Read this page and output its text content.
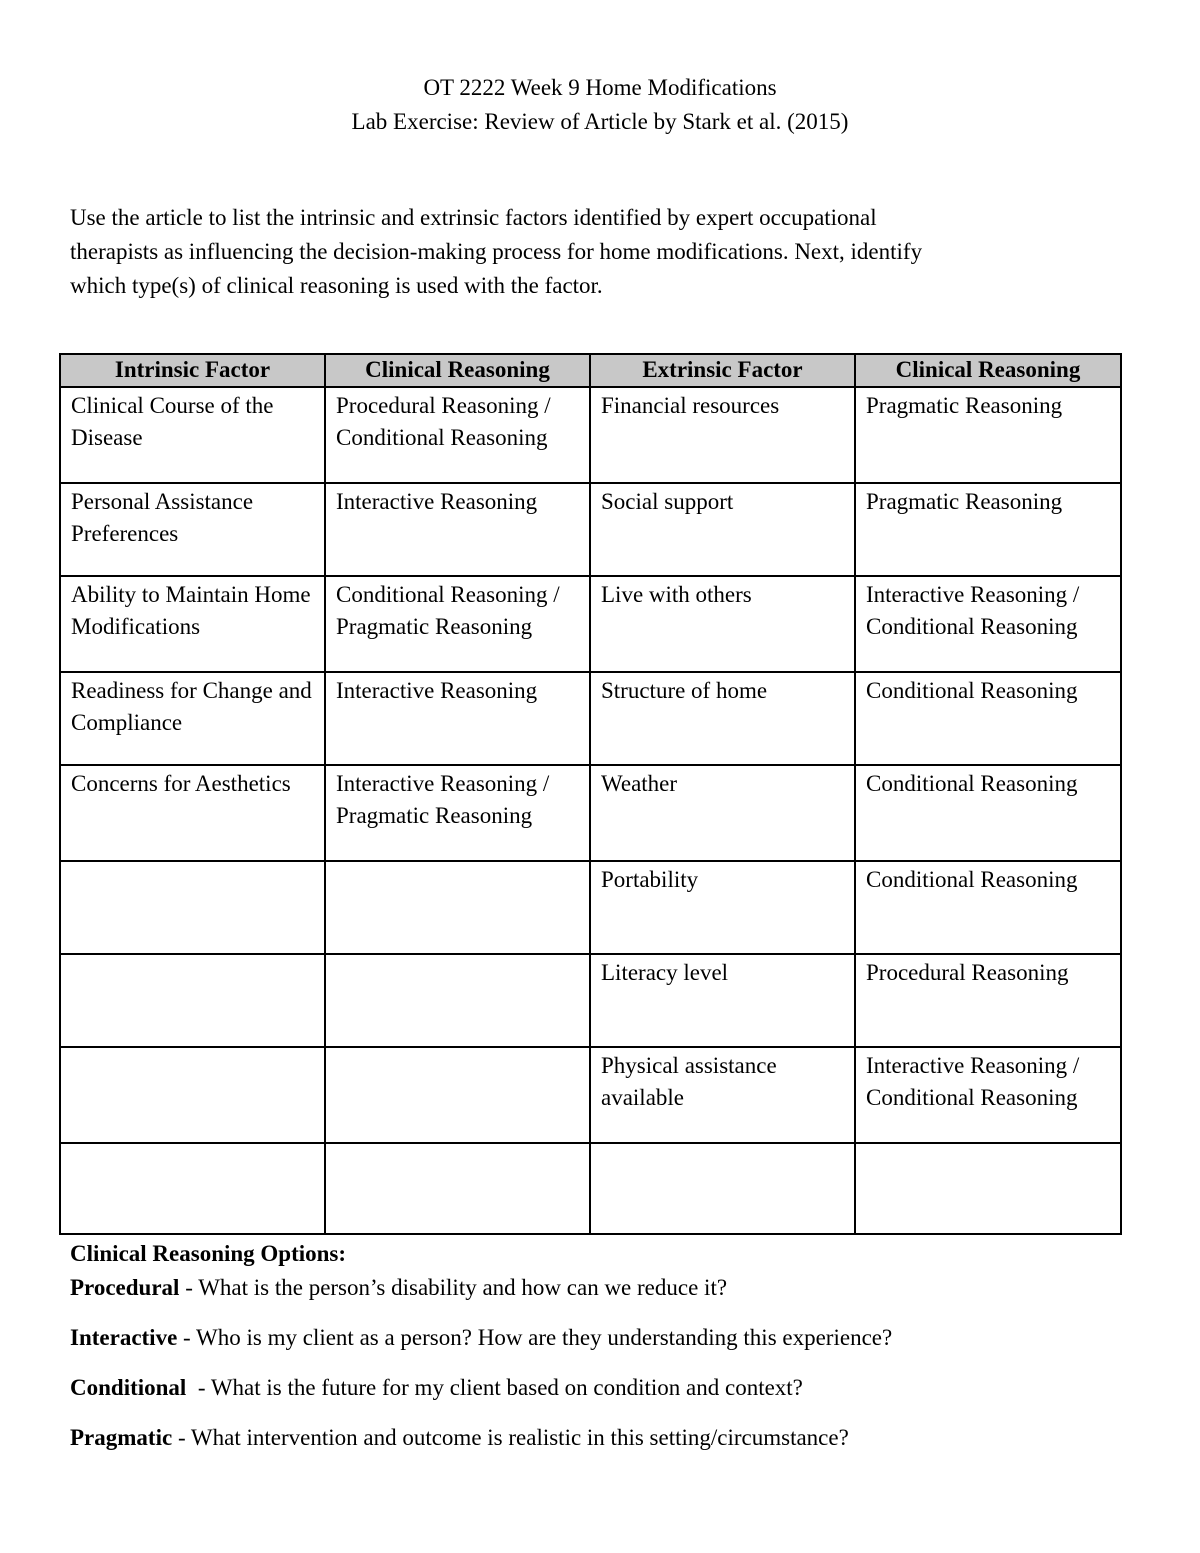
OT 2222 Week 9 Home Modifications
Lab Exercise: Review of Article by Stark et al. (2015)

Use the article to list the intrinsic and extrinsic factors identified by expert occupational

therapists as influencing the decision-making process for home modifications. Next, identify

which type(s) of clinical reasoning is used with the factor.

Intrinsic Factor	Clinical Reasoning	Extrinsic Factor	Clinical Reasoning
Clinical Course of the Disease	Procedural Reasoning / Conditional Reasoning	Financial resources	Pragmatic Reasoning
Personal Assistance Preferences	Interactive Reasoning	Social support	Pragmatic Reasoning
Ability to Maintain Home Modifications	Conditional Reasoning / Pragmatic Reasoning	Live with others	Interactive Reasoning / Conditional Reasoning
Readiness for Change and Compliance	Interactive Reasoning	Structure of home	Conditional Reasoning
Concerns for Aesthetics	Interactive Reasoning / Pragmatic Reasoning	Weather	Conditional Reasoning
		Portability	Conditional Reasoning
		Literacy level	Procedural Reasoning
		Physical assistance available	Interactive Reasoning / Conditional Reasoning

Clinical Reasoning Options:
Procedural - What is the person’s disability and how can we reduce it?
Interactive - Who is my client as a person? How are they understanding this experience?
Conditional  - What is the future for my client based on condition and context?
Pragmatic - What intervention and outcome is realistic in this setting/circumstance?
